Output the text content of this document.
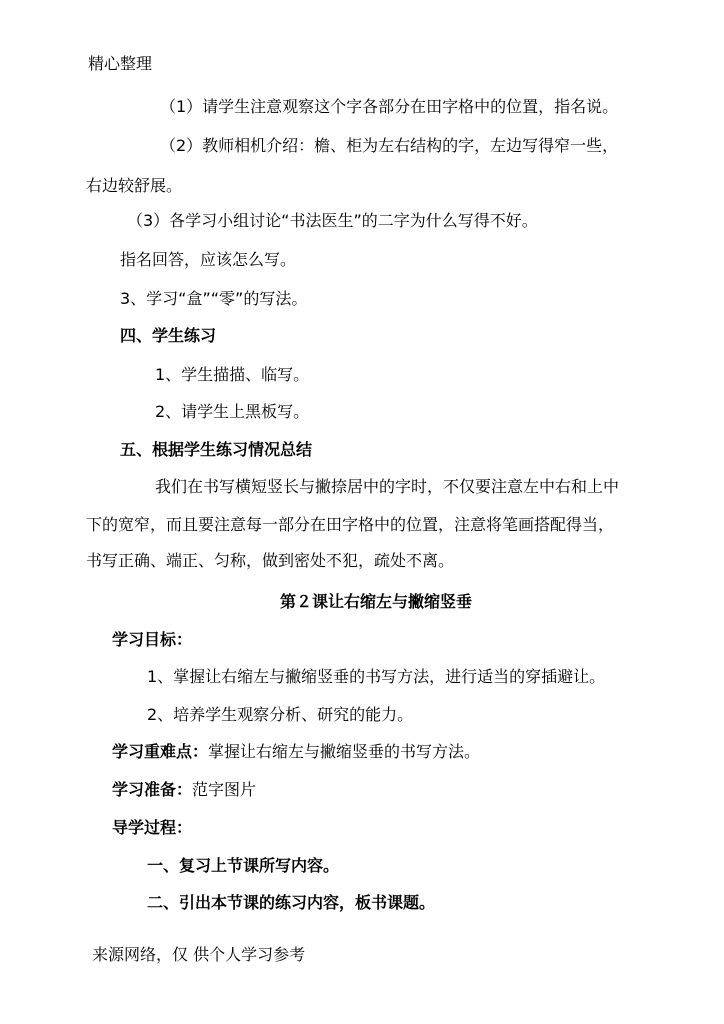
精心整理
（1）请学生注意观察这个字各部分在田字格中的位置，指名说。
（2）教师相机介绍：檐、柜为左右结构的字，左边写得窄一些，
右边较舒展。
（3）各学习小组讨论“书法医生”的二字为什么写得不好。
指名回答，应该怎么写。
3、学习“盒”“零”的写法。
四、学生练习
1、学生描描、临写。
2、请学生上黑板写。
五、根据学生练习情况总结
我们在书写横短竖长与撇捺居中的字时，不仅要注意左中右和上中
下的宽窄，而且要注意每一部分在田字格中的位置，注意将笔画搭配得当，
书写正确、端正、匀称，做到密处不犯，疏处不离。
第２课让右缩左与撇缩竖垂
学习目标：
1、掌握让右缩左与撇缩竖垂的书写方法，进行适当的穿插避让。
2、培养学生观察分析、研究的能力。
学习重难点：掌握让右缩左与撇缩竖垂的书写方法。
学习准备：范字图片
导学过程：
一、复习上节课所写内容。
二、引出本节课的练习内容，板书课题。
来源网络，仅 供个人学习参考
